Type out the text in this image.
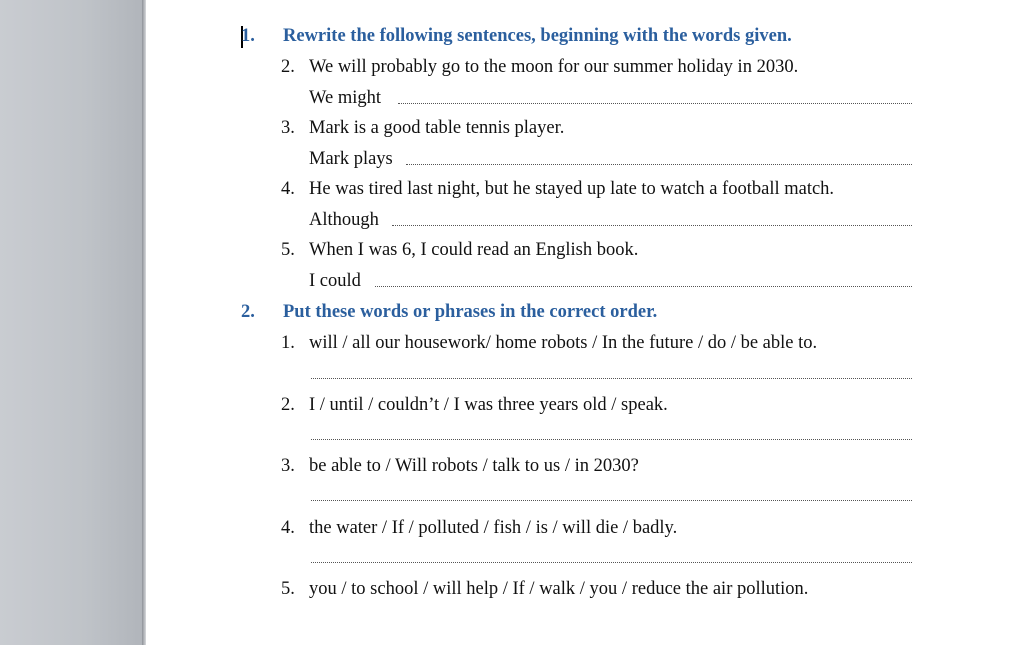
1. Rewrite the following sentences, beginning with the words given.
2. We will probably go to the moon for our summer holiday in 2030.
We might
3. Mark is a good table tennis player.
Mark plays
4. He was tired last night, but he stayed up late to watch a football match.
Although
5. When I was 6, I could read an English book.
I could
2. Put these words or phrases in the correct order.
1. will / all our housework/ home robots / In the future / do / be able to.
2. I / until / couldn’t / I was three years old / speak.
3. be able to / Will robots / talk to us / in 2030?
4. the water / If / polluted / fish / is / will die / badly.
5. you / to school / will help / If / walk / you / reduce the air pollution.
